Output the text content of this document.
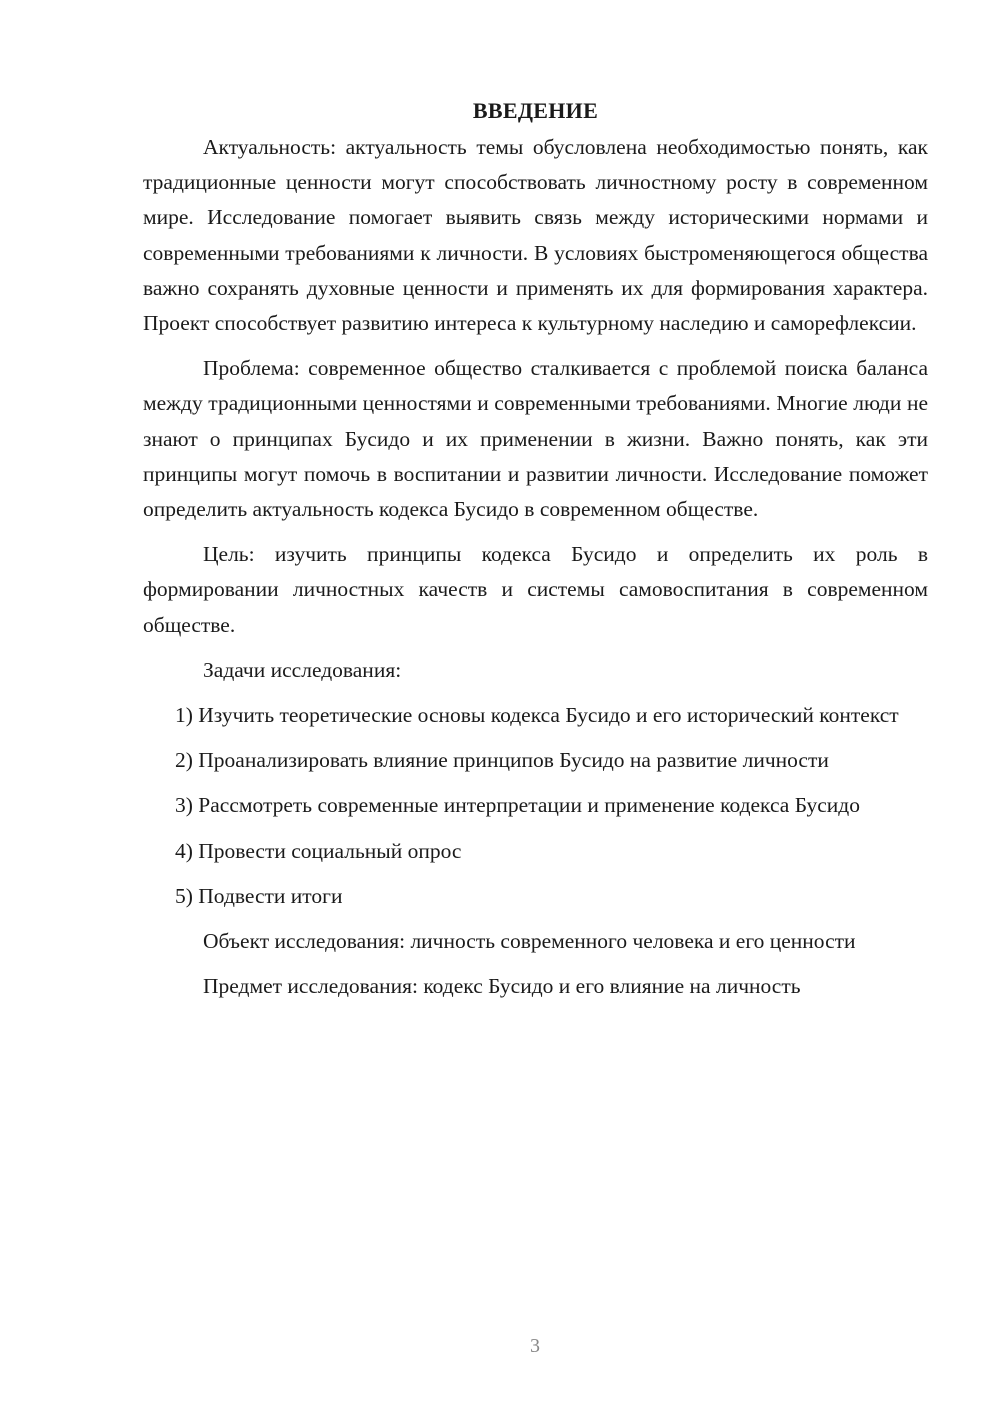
ВВЕДЕНИЕ

Актуальность: актуальность темы обусловлена необходимостью понять, как традиционные ценности могут способствовать личностному росту в современном мире. Исследование помогает выявить связь между историческими нормами и современными требованиями к личности. В условиях быстроменяющегося общества важно сохранять духовные ценности и применять их для формирования характера. Проект способствует развитию интереса к культурному наследию и саморефлексии.

Проблема: современное общество сталкивается с проблемой поиска баланса между традиционными ценностями и современными требованиями. Многие люди не знают о принципах Бусидо и их применении в жизни. Важно понять, как эти принципы могут помочь в воспитании и развитии личности. Исследование поможет определить актуальность кодекса Бусидо в современном обществе.

Цель: изучить принципы кодекса Бусидо и определить их роль в формировании личностных качеств и системы самовоспитания в современном обществе.

Задачи исследования:

1) Изучить теоретические основы кодекса Бусидо и его исторический контекст

2) Проанализировать влияние принципов Бусидо на развитие личности

3) Рассмотреть современные интерпретации и применение кодекса Бусидо

4) Провести социальный опрос

5) Подвести итоги

Объект исследования: личность современного человека и его ценности

Предмет исследования: кодекс Бусидо и его влияние на личность

3
